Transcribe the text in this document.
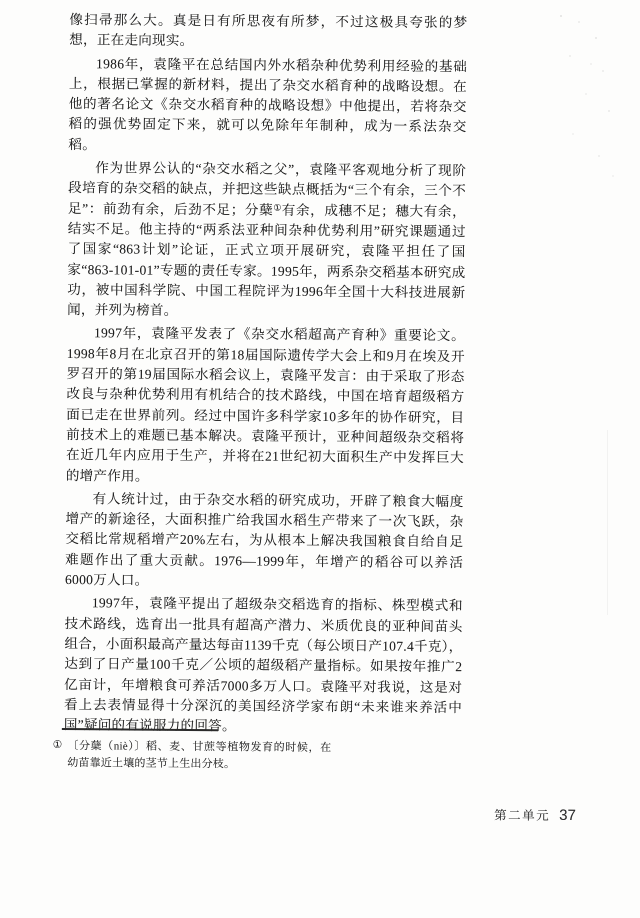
像扫帚那么大。真是日有所思夜有所梦，不过这极具夸张的梦想，正在走向现实。

1986年，袁隆平在总结国内外水稻杂种优势利用经验的基础上，根据已掌握的新材料，提出了杂交水稻育种的战略设想。在他的著名论文《杂交水稻育种的战略设想》中他提出，若将杂交稻的强优势固定下来，就可以免除年年制种，成为一系法杂交稻。

作为世界公认的“杂交水稻之父”，袁隆平客观地分析了现阶段培育的杂交稻的缺点，并把这些缺点概括为“三个有余，三个不足”：前劲有余，后劲不足；分蘖①有余，成穗不足；穗大有余，结实不足。他主持的“两系法亚种间杂种优势利用”研究课题通过了国家“863计划”论证，正式立项开展研究，袁隆平担任了国家“863-101-01”专题的责任专家。1995年，两系杂交稻基本研究成功，被中国科学院、中国工程院评为1996年全国十大科技进展新闻，并列为榜首。

1997年，袁隆平发表了《杂交水稻超高产育种》重要论文。1998年8月在北京召开的第18届国际遗传学大会上和9月在埃及开罗召开的第19届国际水稻会议上，袁隆平发言：由于采取了形态改良与杂种优势利用有机结合的技术路线，中国在培育超级稻方面已走在世界前列。经过中国许多科学家10多年的协作研究，目前技术上的难题已基本解决。袁隆平预计，亚种间超级杂交稻将在近几年内应用于生产，并将在21世纪初大面积生产中发挥巨大的增产作用。

有人统计过，由于杂交水稻的研究成功，开辟了粮食大幅度增产的新途径，大面积推广给我国水稻生产带来了一次飞跃，杂交稻比常规稻增产20%左右，为从根本上解决我国粮食自给自足难题作出了重大贡献。1976—1999年，年增产的稻谷可以养活6000万人口。

1997年，袁隆平提出了超级杂交稻选育的指标、株型模式和技术路线，选育出一批具有超高产潜力、米质优良的亚种间苗头组合，小面积最高产量达每亩1139千克（每公顷日产107.4千克），达到了日产量100千克／公顷的超级稻产量指标。如果按年推广2亿亩计，年增粮食可养活7000多万人口。袁隆平对我说，这是对看上去表情显得十分深沉的美国经济学家布朗“未来谁来养活中国”疑问的有说服力的回答。

① 〔分蘖（niè）〕稻、麦、甘蔗等植物发育的时候，在幼苗靠近土壤的茎节上生出分枝。
第二单元 37
